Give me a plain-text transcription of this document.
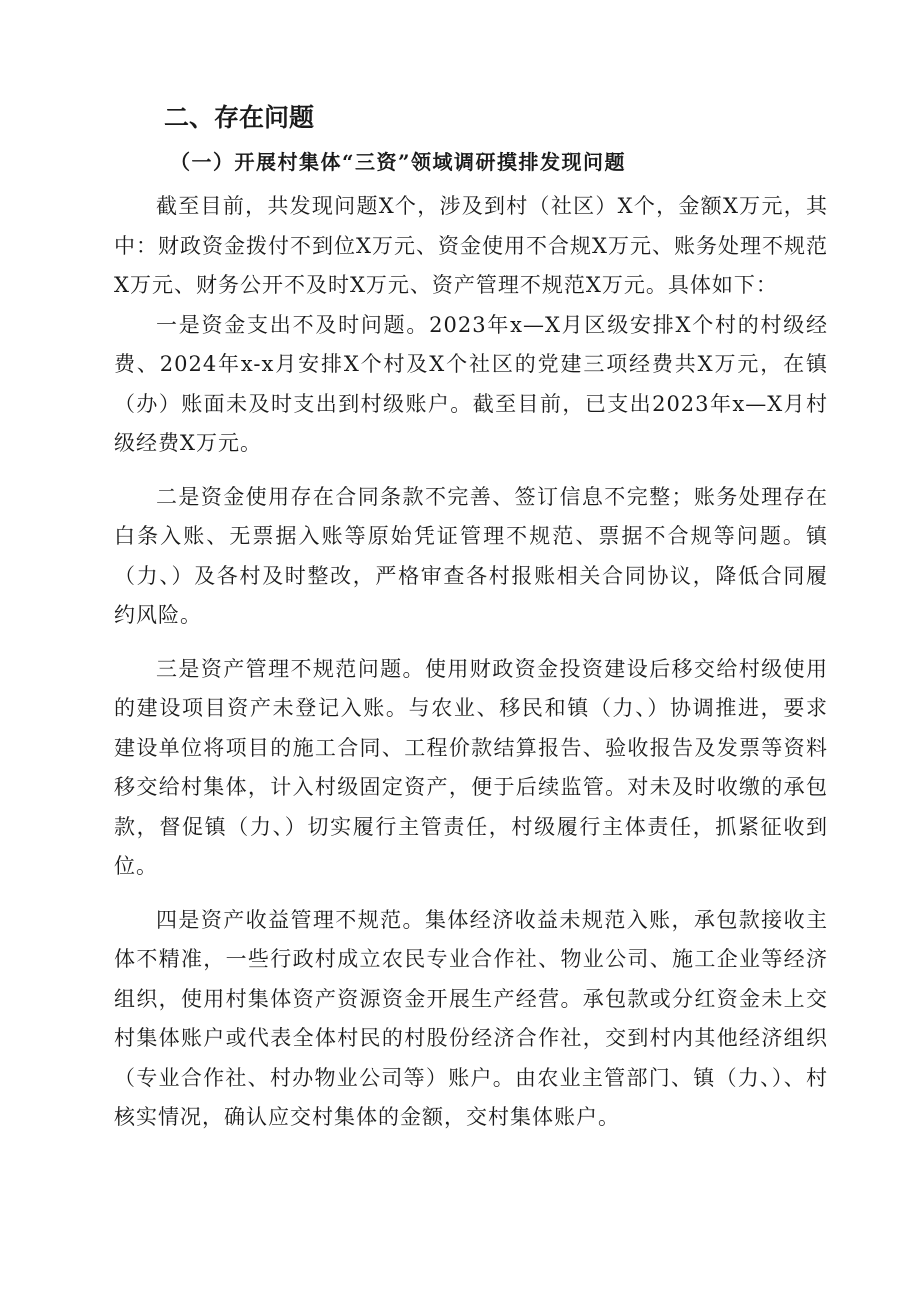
二、存在问题
（一）开展村集体“三资”领域调研摸排发现问题

截至目前，共发现问题X个，涉及到村（社区）X个，金额X万元，其中：财政资金拨付不到位X万元、资金使用不合规X万元、账务处理不规范X万元、财务公开不及时X万元、资产管理不规范X万元。具体如下：

一是资金支出不及时问题。2023年x—X月区级安排X个村的村级经费、2024年x-x月安排X个村及X个社区的党建三项经费共X万元，在镇（办）账面未及时支出到村级账户。截至目前，已支出2023年x—X月村级经费X万元。

二是资金使用存在合同条款不完善、签订信息不完整；账务处理存在白条入账、无票据入账等原始凭证管理不规范、票据不合规等问题。镇（力、）及各村及时整改，严格审查各村报账相关合同协议，降低合同履约风险。

三是资产管理不规范问题。使用财政资金投资建设后移交给村级使用的建设项目资产未登记入账。与农业、移民和镇（力、）协调推进，要求建设单位将项目的施工合同、工程价款结算报告、验收报告及发票等资料移交给村集体，计入村级固定资产，便于后续监管。对未及时收缴的承包款，督促镇（力、）切实履行主管责任，村级履行主体责任，抓紧征收到位。

四是资产收益管理不规范。集体经济收益未规范入账，承包款接收主体不精准，一些行政村成立农民专业合作社、物业公司、施工企业等经济组织，使用村集体资产资源资金开展生产经营。承包款或分红资金未上交村集体账户或代表全体村民的村股份经济合作社，交到村内其他经济组织（专业合作社、村办物业公司等）账户。由农业主管部门、镇（力、）、村核实情况，确认应交村集体的金额，交村集体账户。
